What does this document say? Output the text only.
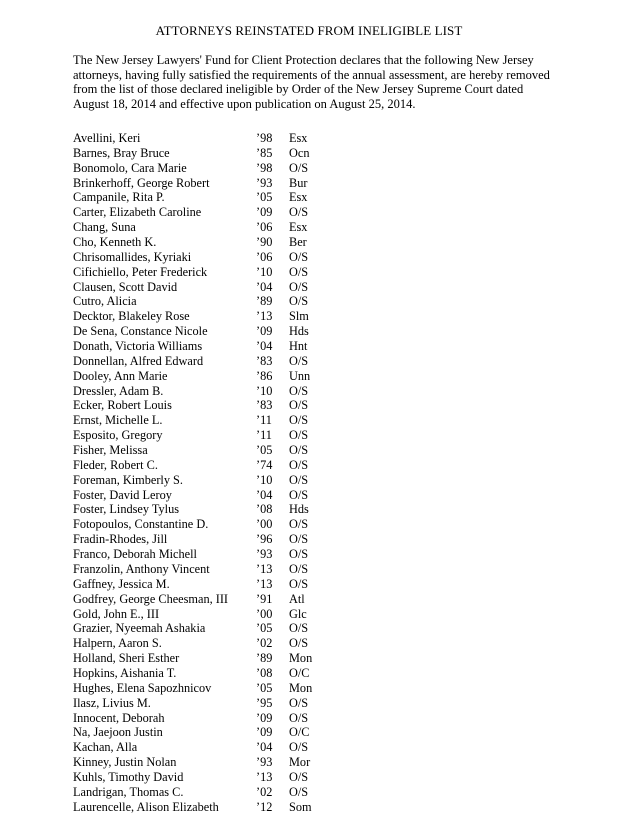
ATTORNEYS REINSTATED FROM INELIGIBLE LIST
The New Jersey Lawyers' Fund for Client Protection declares that the following New Jersey attorneys, having fully satisfied the requirements of the annual assessment, are hereby removed from the list of those declared ineligible by Order of the New Jersey Supreme Court dated August 18, 2014 and effective upon publication on August 25, 2014.
Avellini, Keri	’98 Esx
Barnes, Bray Bruce	’85 Ocn
Bonomolo, Cara Marie	’98 O/S
Brinkerhoff, George Robert	’93 Bur
Campanile, Rita P.	’05 Esx
Carter, Elizabeth Caroline	’09 O/S
Chang, Suna	’06 Esx
Cho, Kenneth K.	’90 Ber
Chrisomallides, Kyriaki	’06 O/S
Cifichiello, Peter Frederick	’10 O/S
Clausen, Scott David	’04 O/S
Cutro, Alicia	’89 O/S
Decktor, Blakeley Rose	’13 Slm
De Sena, Constance Nicole	’09 Hds
Donath, Victoria Williams	’04 Hnt
Donnellan, Alfred Edward	’83 O/S
Dooley, Ann Marie	’86 Unn
Dressler, Adam B.	’10 O/S
Ecker, Robert Louis	’83 O/S
Ernst, Michelle L.	’11 O/S
Esposito, Gregory	’11 O/S
Fisher, Melissa	’05 O/S
Fleder, Robert C.	’74 O/S
Foreman, Kimberly S.	’10 O/S
Foster, David Leroy	’04 O/S
Foster, Lindsey Tylus	’08 Hds
Fotopoulos, Constantine D.	’00 O/S
Fradin-Rhodes, Jill	’96 O/S
Franco, Deborah Michell	’93 O/S
Franzolin, Anthony Vincent	’13 O/S
Gaffney, Jessica M.	’13 O/S
Godfrey, George Cheesman, III ’91 Atl
Gold, John E., III	’00 Glc
Grazier, Nyeemah Ashakia	’05 O/S
Halpern, Aaron S.	’02 O/S
Holland, Sheri Esther	’89 Mon
Hopkins, Aishania T.	’08 O/C
Hughes, Elena Sapozhnicov	’05 Mon
Ilasz, Livius M.	’95 O/S
Innocent, Deborah	’09 O/S
Na, Jaejoon Justin	’09 O/C
Kachan, Alla	’04 O/S
Kinney, Justin Nolan	’93 Mor
Kuhls, Timothy David	’13 O/S
Landrigan, Thomas C.	’02 O/S
Laurencelle, Alison Elizabeth	’12 Som
